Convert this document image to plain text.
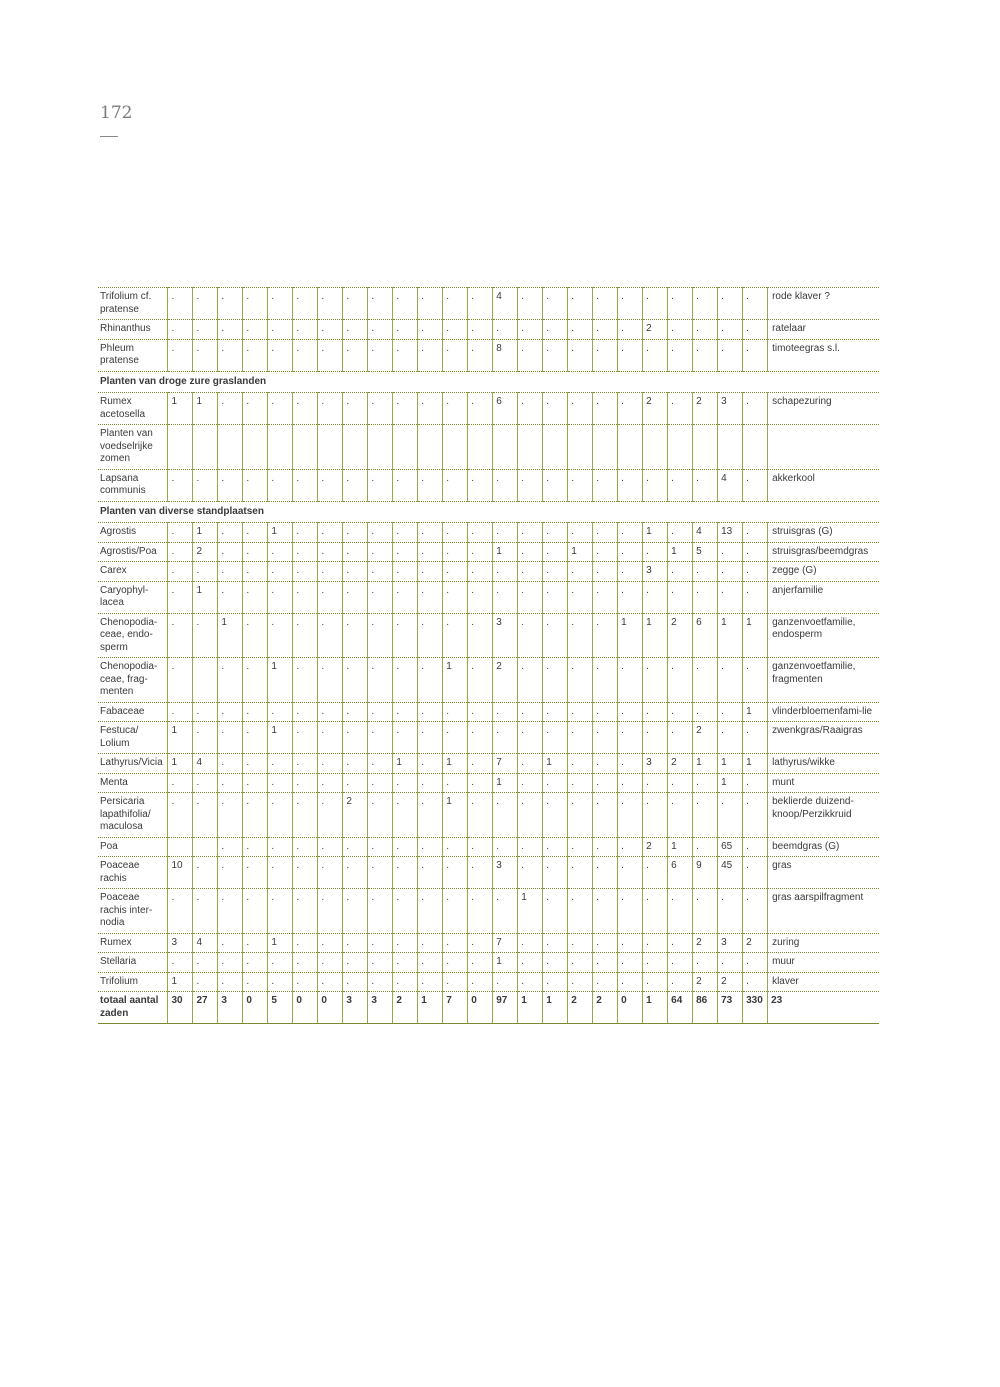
172
Trifolium cf. pratense	.	.	.	.	.	.	.	.	.	.	.	.	.	4	.	.	.	.	.	.	.	.	.	.	rode klaver ?
Rhinanthus	.	.	.	.	.	.	.	.	.	.	.	.	.	.	.	.	.	.	.	2	.	.	.	.	ratelaar
Phleum pratense	.	.	.	.	.	.	.	.	.	.	.	.	.	8	.	.	.	.	.	.	.	.	.	.	timoteegras s.l.
Planten van droge zure graslanden																									
Rumex acetosella	1	1	.	.	.	.	.	.	.	.	.	.	.	6	.	.	.	.	.	2	.	2	3	.	schapezuring
Planten van voedselrijke zomen																									
Lapsana communis	.	.	.	.	.	.	.	.	.	.	.	.	.	.	.	.	.	.	.	.	.	.	4	.	akkerkool
Planten van diverse standplaatsen																									
Agrostis	.	1	.	.	1	.	.	.	.	.	.	.	.	.	.	.	.	.	.	1	.	4	13	.	struisgras (G)
Agrostis/Poa	.	2	.	.	.	.	.	.	.	.	.	.	.	1	.	.	1	.	.	.	1	5	.	.	struisgras/beemdgras
Carex	.	.	.	.	.	.	.	.	.	.	.	.	.	.	.	.	.	.	.	3	.	.	.	.	zegge (G)
Caryophyl-lacea	.	1	.	.	.	.	.	.	.	.	.	.	.	.	.	.	.	.	.	.	.	.	.	.	anjerfamilie
Chenopodia-ceae, endo-sperm	.	.	1	.	.	.	.	.	.	.	.	.	.	3	.	.	.	.	1	1	2	6	1	1	ganzenvoetfamilie, endosperm
Chenopodia-ceae, frag-menten	.		.	.	1	.	.	.	.	.	.	1	.	2	.	.	.	.	.	.	.	.	.	.	ganzenvoetfamilie, fragmenten
Fabaceae	.	.	.	.	.	.	.	.	.	.	.	.	.	.	.	.	.	.	.	.	.	.	.	1	vlinderbloemenfami-lie
Festuca/ Lolium	1	.	.	.	1	.	.	.	.	.	.	.	.	.	.	.	.	.	.	.	.	2	.	.	zwenkgras/Raaigras
Lathyrus/Vicia	1	4	.	.	.	.	.	.	.	1	.	1	.	7	.	1	.	.	.	3	2	1	1	1	lathyrus/wikke
Menta	.	.	.	.	.	.	.	.	.	.	.	.	.	1	.	.	.	.	.	.	.	.	1	.	munt
Persicaria lapathifolia/ maculosa	.	.	.	.	.	.	.	2	.	.	.	1	.	.	.	.	.	.	.	.	.	.	.	.	beklierde duizend-knoop/Perzikkruid
Poa			.	.	.	.	.	.	.	.	.	.	.	.	.	.	.	.	.	2	1	.	65	.	beemdgras (G)
Poaceae rachis	10	.	.	.	.	.	.	.	.	.	.	.	.	3	.	.	.	.	.	.	6	9	45	.	gras
Poaceae rachis inter-nodia	.	.	.	.	.	.	.	.	.	.	.	.	.	.	1	.	.	.	.	.	.	.	.	.	gras aarspilfragment
Rumex	3	4	.	.	1	.	.	.	.	.	.	.	.	7	.	.	.	.	.	.	.	2	3	2	zuring
Stellaria	.	.	.	.	.	.	.	.	.	.	.	.	.	1	.	.	.	.	.	.	.	.	.	.	muur
Trifolium	1	.	.	.	.	.	.	.	.	.	.	.	.	.	.	.	.	.	.	.	.	2	2	.	klaver
totaal aantal zaden	30	27	3	0	5	0	0	3	3	2	1	7	0	97	1	1	2	2	0	1	64	86	73	330	23
